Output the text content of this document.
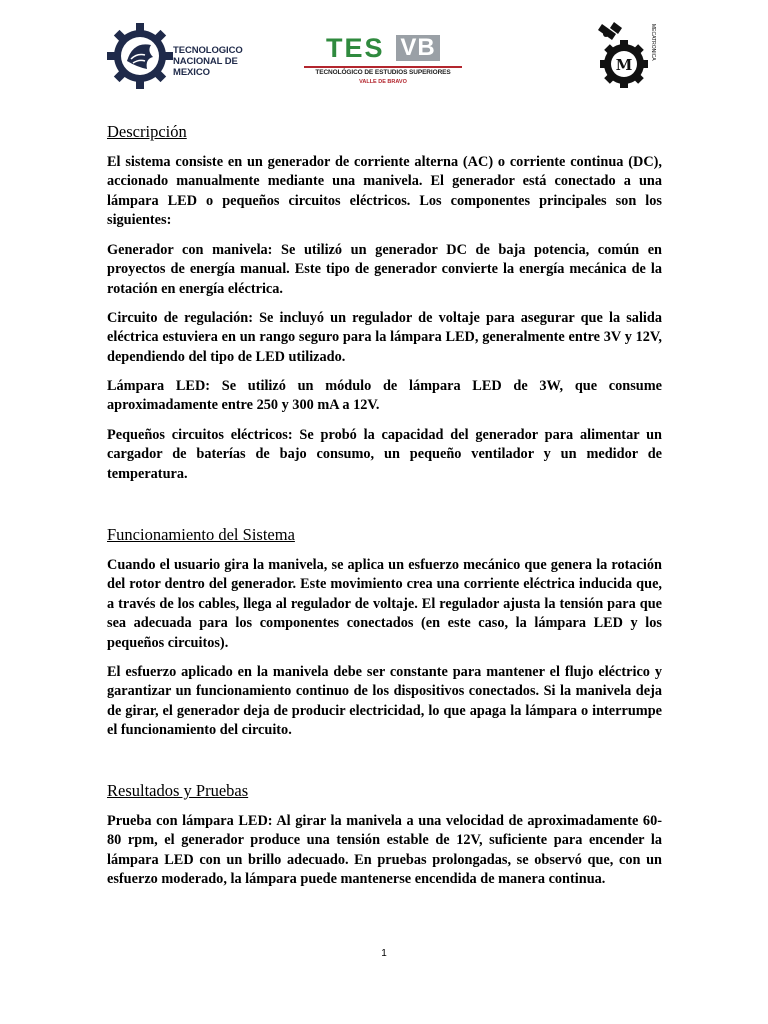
TECNOLOGICO
NACIONAL DE MEXICO
TES VB
TECNOLÓGICO DE ESTUDIOS SUPERIORES
VALLE DE BRAVO
M
MECATRONICA
Descripción

El sistema consiste en un generador de corriente alterna (AC) o corriente continua (DC), accionado manualmente mediante una manivela. El generador está conectado a una lámpara LED o pequeños circuitos eléctricos. Los componentes principales son los siguientes:

Generador con manivela: Se utilizó un generador DC de baja potencia, común en proyectos de energía manual. Este tipo de generador convierte la energía mecánica de la rotación en energía eléctrica.

Circuito de regulación: Se incluyó un regulador de voltaje para asegurar que la salida eléctrica estuviera en un rango seguro para la lámpara LED, generalmente entre 3V y 12V, dependiendo del tipo de LED utilizado.

Lámpara LED: Se utilizó un módulo de lámpara LED de 3W, que consume aproximadamente entre 250 y 300 mA a 12V.

Pequeños circuitos eléctricos: Se probó la capacidad del generador para alimentar un cargador de baterías de bajo consumo, un pequeño ventilador y un medidor de temperatura.

Funcionamiento del Sistema

Cuando el usuario gira la manivela, se aplica un esfuerzo mecánico que genera la rotación del rotor dentro del generador. Este movimiento crea una corriente eléctrica inducida que, a través de los cables, llega al regulador de voltaje. El regulador ajusta la tensión para que sea adecuada para los componentes conectados (en este caso, la lámpara LED y los pequeños circuitos).

El esfuerzo aplicado en la manivela debe ser constante para mantener el flujo eléctrico y garantizar un funcionamiento continuo de los dispositivos conectados. Si la manivela deja de girar, el generador deja de producir electricidad, lo que apaga la lámpara o interrumpe el funcionamiento del circuito.

Resultados y Pruebas

Prueba con lámpara LED: Al girar la manivela a una velocidad de aproximadamente 60-80 rpm, el generador produce una tensión estable de 12V, suficiente para encender la lámpara LED con un brillo adecuado. En pruebas prolongadas, se observó que, con un esfuerzo moderado, la lámpara puede mantenerse encendida de manera continua.

1
